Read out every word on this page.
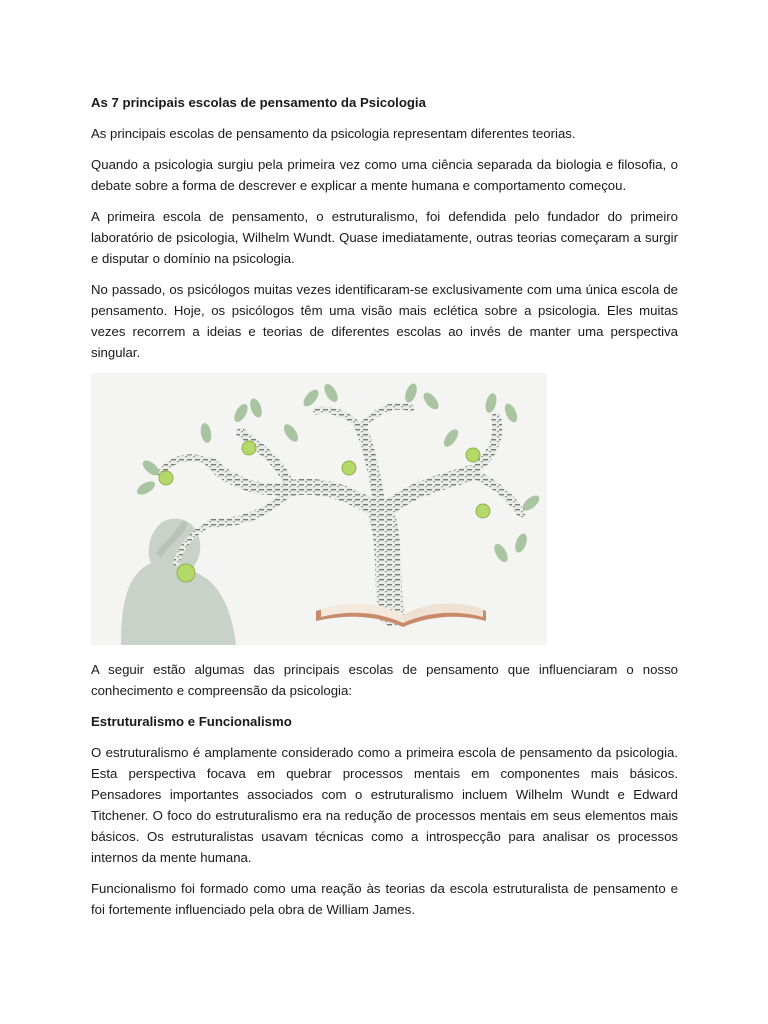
As 7 principais escolas de pensamento da Psicologia

As principais escolas de pensamento da psicologia representam diferentes teorias.

Quando a psicologia surgiu pela primeira vez como uma ciência separada da biologia e filosofia, o debate sobre a forma de descrever e explicar a mente humana e comportamento começou.

A primeira escola de pensamento, o estruturalismo, foi defendida pelo fundador do primeiro laboratório de psicologia, Wilhelm Wundt. Quase imediatamente, outras teorias começaram a surgir e disputar o domínio na psicologia.

No passado, os psicólogos muitas vezes identificaram-se exclusivamente com uma única escola de pensamento. Hoje, os psicólogos têm uma visão mais eclética sobre a psicologia. Eles muitas vezes recorrem a ideias e teorias de diferentes escolas ao invés de manter uma perspectiva singular.

A seguir estão algumas das principais escolas de pensamento que influenciaram o nosso conhecimento e compreensão da psicologia:

Estruturalismo e Funcionalismo

O estruturalismo é amplamente considerado como a primeira escola de pensamento da psicologia. Esta perspectiva focava em quebrar processos mentais em componentes mais básicos. Pensadores importantes associados com o estruturalismo incluem Wilhelm Wundt e Edward Titchener. O foco do estruturalismo era na redução de processos mentais em seus elementos mais básicos. Os estruturalistas usavam técnicas como a introspecção para analisar os processos internos da mente humana.

Funcionalismo foi formado como uma reação às teorias da escola estruturalista de pensamento e foi fortemente influenciado pela obra de William James.
